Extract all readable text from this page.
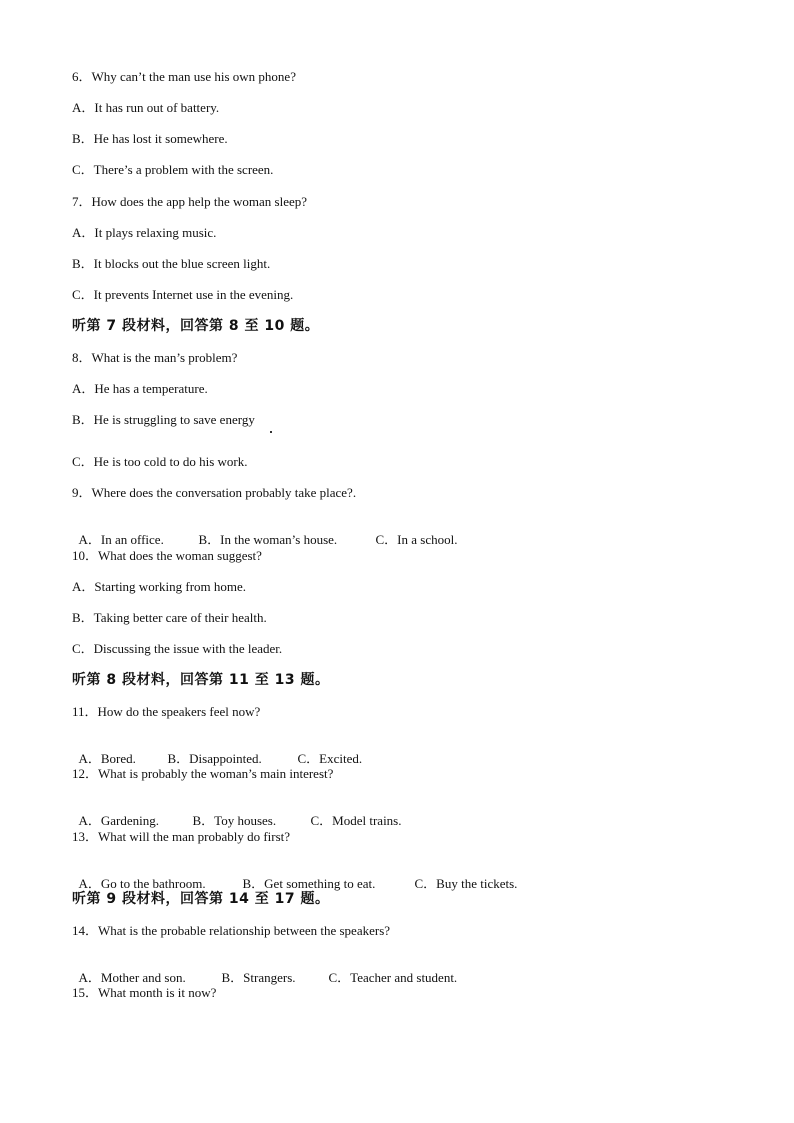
6．Why can’t the man use his own phone?
A．It has run out of battery.
B．He has lost it somewhere.
C．There’s a problem with the screen.
7．How does the app help the woman sleep?
A．It plays relaxing music.
B．It blocks out the blue screen light.
C．It prevents Internet use in the evening.
听第 7 段材料，回答第 8 至 10 题。
8．What is the man’s problem?
A．He has a temperature.
B．He is struggling to save energy
C．He is too cold to do his work.
9．Where does the conversation probably take place?.

A．In an office.	B．In the woman’s house.	C．In a school.

10．What does the woman suggest?
A．Starting working from home.
B．Taking better care of their health.
C．Discussing the issue with the leader.
听第 8 段材料，回答第 11 至 13 题。
11．How do the speakers feel now?

A．Bored. B．Disappointed.	C．Excited.

12．What is probably the woman’s main interest?

A．Gardening.	B．Toy houses.	C．Model trains.

13．What will the man probably do first?

A．Go to the bathroom.	B．Get something to eat.	C．Buy the tickets.

听第 9 段材料，回答第 14 至 17 题。
14．What is the probable relationship between the speakers?

A．Mother and son.	B．Strangers.	C．Teacher and student.

15．What month is it now?
